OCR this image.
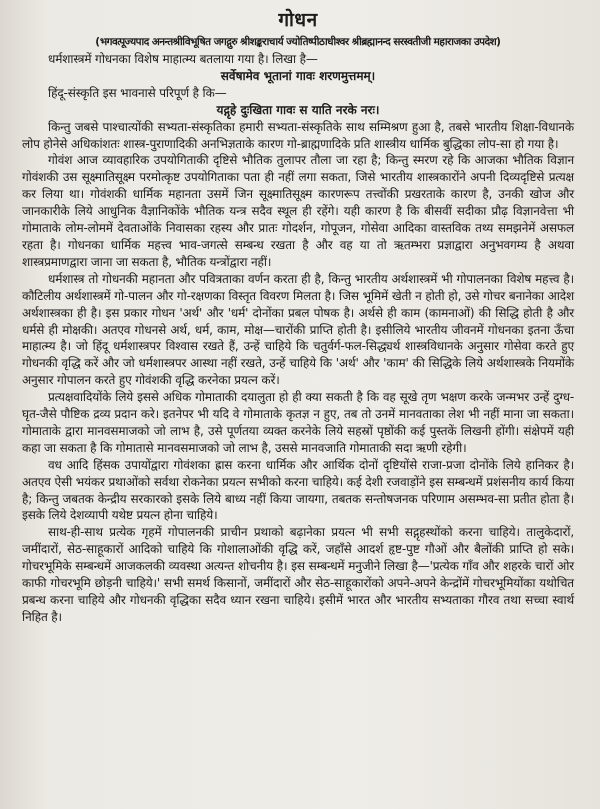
गोधन
(भगवत्पूज्यपाद अनन्तश्रीविभूषित जगद्गुरु श्रीशङ्कराचार्य ज्योतिष्पीठाधीश्वर श्रीब्रह्मानन्द सरस्वतीजी महाराजका उपदेश)

धर्मशास्त्रमें गोधनका विशेष माहात्म्य बतलाया गया है। लिखा है—

सर्वेषामेव भूतानां गावः शरणमुत्तमम्।

हिंदू-संस्कृति इस भावनासे परिपूर्ण है कि—

यद्गृहे दुःखिता गावः स याति नरके नरः।

किन्तु जबसे पाश्चात्योंकी सभ्यता-संस्कृतिका हमारी सभ्यता-संस्कृतिके साथ सम्मिश्रण हुआ है, तबसे भारतीय शिक्षा-विधानके लोप होनेसे अधिकांशतः शास्त्र-पुराणादिकी अनभिज्ञताके कारण गो-ब्राह्मणादिके प्रति शास्त्रीय धार्मिक बुद्धिका लोप-सा हो गया है।

गोवंश आज व्यावहारिक उपयोगिताकी दृष्टिसे भौतिक तुलापर तौला जा रहा है; किन्तु स्मरण रहे कि आजका भौतिक विज्ञान गोवंशकी उस सूक्ष्मातिसूक्ष्म परमोत्कृष्ट उपयोगिताका पता ही नहीं लगा सकता, जिसे भारतीय शास्त्रकारोंने अपनी दिव्यदृष्टिसे प्रत्यक्ष कर लिया था। गोवंशकी धार्मिक महानता उसमें जिन सूक्ष्मातिसूक्ष्म कारणरूप तत्त्वोंकी प्रखरताके कारण है, उनकी खोज और जानकारीके लिये आधुनिक वैज्ञानिकोंके भौतिक यन्त्र सदैव स्थूल ही रहेंगे। यही कारण है कि बीसवीं सदीका प्रौढ़ विज्ञानवेत्ता भी गोमाताके लोम-लोममें देवताओंके निवासका रहस्य और प्रातः गोदर्शन, गोपूजन, गोसेवा आदिका वास्तविक तथ्य समझनेमें असफल रहता है। गोधनका धार्मिक महत्त्व भाव-जगत्से सम्बन्ध रखता है और वह या तो ऋतम्भरा प्रज्ञाद्वारा अनुभवगम्य है अथवा शास्त्रप्रमाणद्वारा जाना जा सकता है, भौतिक यन्त्रोंद्वारा नहीं।

धर्मशास्त्र तो गोधनकी महानता और पवित्रताका वर्णन करता ही है, किन्तु भारतीय अर्थशास्त्रमें भी गोपालनका विशेष महत्त्व है। कौटिलीय अर्थशास्त्रमें गो-पालन और गो-रक्षणका विस्तृत विवरण मिलता है। जिस भूमिमें खेती न होती हो, उसे गोचर बनानेका आदेश अर्थशास्त्रका ही है। इस प्रकार गोधन 'अर्थ' और 'धर्म' दोनोंका प्रबल पोषक है। अर्थसे ही काम (कामनाओं) की सिद्धि होती है और धर्मसे ही मोक्षकी। अतएव गोधनसे अर्थ, धर्म, काम, मोक्ष—चारोंकी प्राप्ति होती है। इसीलिये भारतीय जीवनमें गोधनका इतना ऊँचा माहात्म्य है। जो हिंदू धर्मशास्त्रपर विश्वास रखते हैं, उन्हें चाहिये कि चतुर्वर्ग-फल-सिद्ध्यर्थ शास्त्रविधानके अनुसार गोसेवा करते हुए गोधनकी वृद्धि करें और जो धर्मशास्त्रपर आस्था नहीं रखते, उन्हें चाहिये कि 'अर्थ' और 'काम' की सिद्धिके लिये अर्थशास्त्रके नियमोंके अनुसार गोपालन करते हुए गोवंशकी वृद्धि करनेका प्रयत्न करें।

प्रत्यक्षवादियोंके लिये इससे अधिक गोमाताकी दयालुता हो ही क्या सकती है कि वह सूखे तृण भक्षण करके जन्मभर उन्हें दुग्ध-घृत-जैसे पौष्टिक द्रव्य प्रदान करे। इतनेपर भी यदि वे गोमाताके कृतज्ञ न हुए, तब तो उनमें मानवताका लेश भी नहीं माना जा सकता। गोमाताके द्वारा मानवसमाजको जो लाभ है, उसे पूर्णतया व्यक्त करनेके लिये सहस्रों पृष्ठोंकी कई पुस्तकें लिखनी होंगी। संक्षेपमें यही कहा जा सकता है कि गोमातासे मानवसमाजको जो लाभ है, उससे मानवजाति गोमाताकी सदा ऋणी रहेगी।

वध आदि हिंसक उपायोंद्वारा गोवंशका ह्रास करना धार्मिक और आर्थिक दोनों दृष्टियोंसे राजा-प्रजा दोनोंके लिये हानिकर है। अतएव ऐसी भयंकर प्रथाओंको सर्वथा रोकनेका प्रयत्न सभीको करना चाहिये। कई देशी रजवाड़ोंने इस सम्बन्धमें प्रशंसनीय कार्य किया है; किन्तु जबतक केन्द्रीय सरकारको इसके लिये बाध्य नहीं किया जायगा, तबतक सन्तोषजनक परिणाम असम्भव-सा प्रतीत होता है। इसके लिये देशव्यापी यथेष्ट प्रयत्न होना चाहिये।

साथ-ही-साथ प्रत्येक गृहमें गोपालनकी प्राचीन प्रथाको बढ़ानेका प्रयत्न भी सभी सद्गृहस्थोंको करना चाहिये। तालुकेदारों, जमींदारों, सेठ-साहूकारों आदिको चाहिये कि गोशालाओंकी वृद्धि करें, जहाँसे आदर्श हृष्ट-पुष्ट गौओं और बैलोंकी प्राप्ति हो सके। गोचरभूमिके सम्बन्धमें आजकलकी व्यवस्था अत्यन्त शोचनीय है। इस सम्बन्धमें मनुजीने लिखा है—'प्रत्येक गाँव और शहरके चारों ओर काफी गोचरभूमि छोड़नी चाहिये।' सभी समर्थ किसानों, जमींदारों और सेठ-साहूकारोंको अपने-अपने केन्द्रोंमें गोचरभूमियोंका यथोचित प्रबन्ध करना चाहिये और गोधनकी वृद्धिका सदैव ध्यान रखना चाहिये। इसीमें भारत और भारतीय सभ्यताका गौरव तथा सच्चा स्वार्थ निहित है।
